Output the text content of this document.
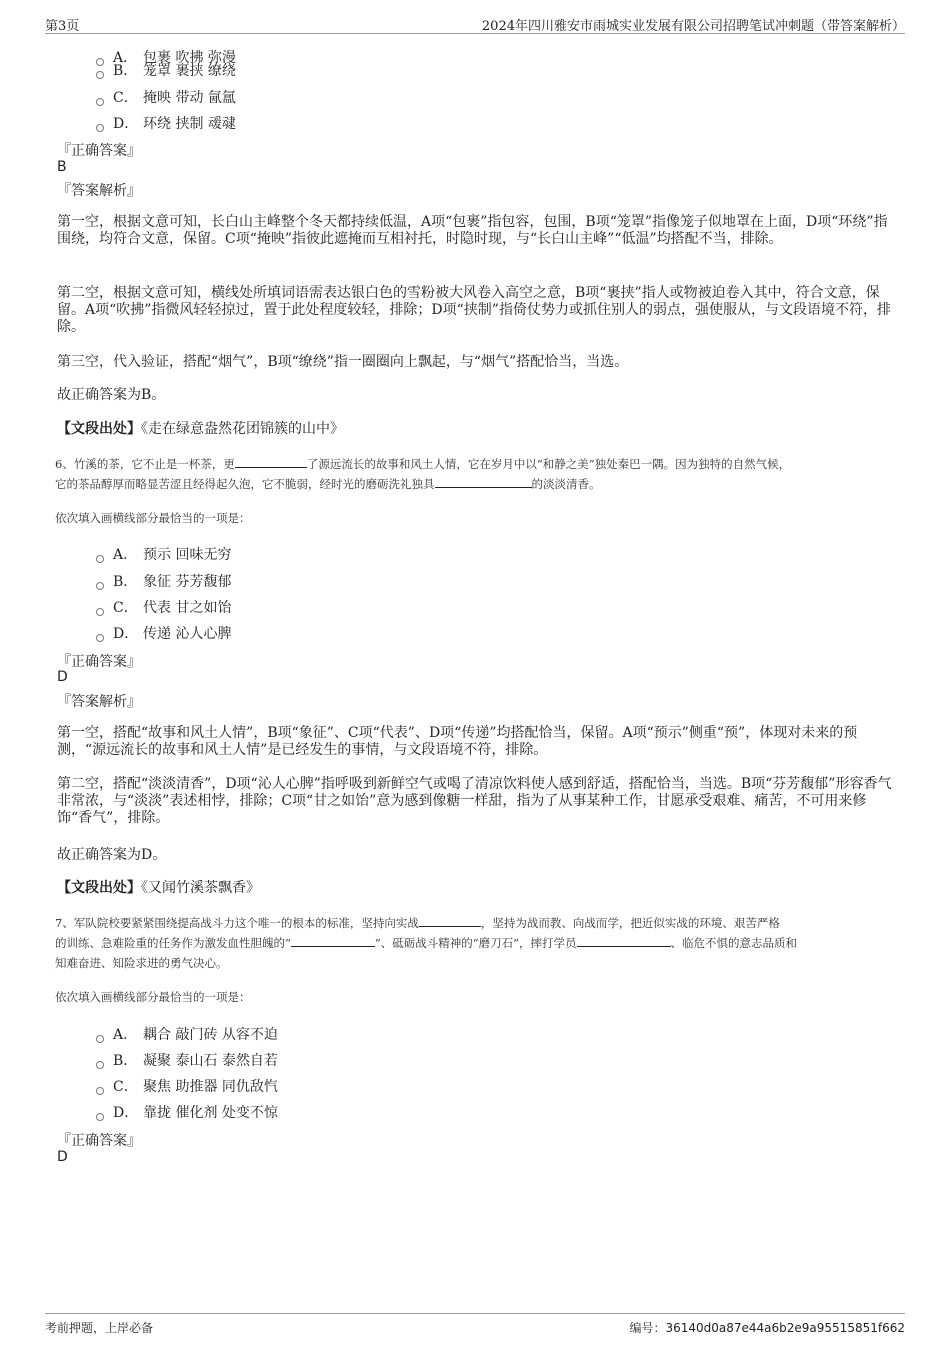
第3页	2024年四川雅安市雨城实业发展有限公司招聘笔试冲刺题（带答案解析）
A． 包裹 吹拂 弥漫
B． 笼罩 裹挟 缭绕
C． 掩映 带动 氤氲
D． 环绕 挟制 叆叇
『正确答案』
B
『答案解析』
第一空，根据文意可知，长白山主峰整个冬天都持续低温，A项“包裹”指包容，包围，B项“笼罩”指像笼子似地罩在上面，D项“环绕”指围绕，均符合文意，保留。C项“掩映”指彼此遮掩而互相衬托，时隐时现，与“长白山主峰”“低温”均搭配不当，排除。
第二空，根据文意可知，横线处所填词语需表达银白色的雪粉被大风卷入高空之意，B项“裹挟”指人或物被迫卷入其中，符合文意，保留。A项“吹拂”指微风轻轻掠过，置于此处程度较轻，排除；D项“挟制”指倚仗势力或抓住别人的弱点，强使服从，与文段语境不符，排除。
第三空，代入验证，搭配“烟气”，B项“缭绕”指一圈圈向上飘起，与“烟气”搭配恰当，当选。
故正确答案为B。
【文段出处】《走在绿意盎然花团锦簇的山中》
6、竹溪的茶，它不止是一杯茶，更	了源远流长的故事和风土人情，它在岁月中以“和静之美”独处秦巴一隅。因为独特的自然气候，
它的茶品醇厚而略显苦涩且经得起久泡，它不脆弱，经时光的磨砺洗礼独具	的淡淡清香。
依次填入画横线部分最恰当的一项是：
A． 预示 回味无穷
B． 象征 芬芳馥郁
C． 代表 甘之如饴
D． 传递 沁人心脾
『正确答案』
D
『答案解析』
第一空，搭配“故事和风土人情”，B项“象征”、C项“代表”、D项“传递”均搭配恰当，保留。A项“预示”侧重“预”，体现对未来的预测，“源远流长的故事和风土人情”是已经发生的事情，与文段语境不符，排除。
第二空，搭配“淡淡清香”，D项“沁人心脾”指呼吸到新鲜空气或喝了清凉饮料使人感到舒适，搭配恰当，当选。B项“芬芳馥郁”形容香气非常浓，与“淡淡”表述相悖，排除；C项“甘之如饴”意为感到像糖一样甜，指为了从事某种工作，甘愿承受艰难、痛苦，不可用来修饰“香气”，排除。
故正确答案为D。
【文段出处】《又闻竹溪茶飘香》
7、军队院校要紧紧围绕提高战斗力这个唯一的根本的标准，坚持向实战	，坚持为战而教、向战而学，把近似实战的环境、艰苦严格
的训练、急难险重的任务作为激发血性胆魄的“	”、砥砺战斗精神的“磨刀石”，摔打学员	、临危不惧的意志品质和
知难奋进、知险求进的勇气决心。
依次填入画横线部分最恰当的一项是：
A． 耦合 敲门砖 从容不迫
B． 凝聚 泰山石 泰然自若
C． 聚焦 助推器 同仇敌忾
D． 靠拢 催化剂 处变不惊
『正确答案』
D
考前押题，上岸必备	编号：36140d0a87e44a6b2e9a95515851f662
